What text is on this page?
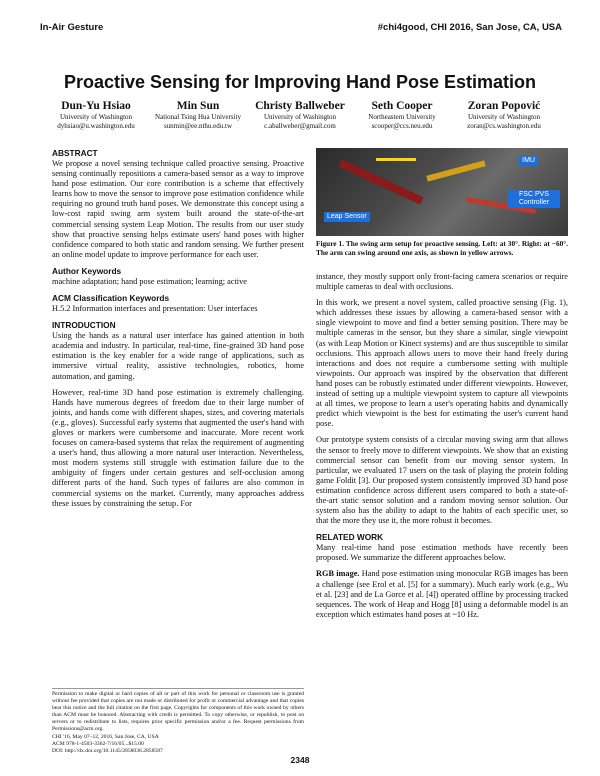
In-Air Gesture	#chi4good, CHI 2016, San Jose, CA, USA
Proactive Sensing for Improving Hand Pose Estimation
Dun-Yu Hsiao
University of Washington
dyhsiao@u.washington.edu
Min Sun
National Tsing Hua University
sunmin@ee.nthu.edu.tw
Christy Ballweber
University of Washington
c.aballweber@gmail.com
Seth Cooper
Northeastern University
scooper@ccs.neu.edu
Zoran Popović
University of Washington
zoran@cs.washington.edu
ABSTRACT

We propose a novel sensing technique called proactive sensing. Proactive sensing continually repositions a camera-based sensor as a way to improve hand pose estimation. Our core contribution is a scheme that effectively learns how to move the sensor to improve pose estimation confidence while requiring no ground truth hand poses. We demonstrate this concept using a low-cost rapid swing arm system built around the state-of-the-art commercial sensing system Leap Motion. The results from our user study show that proactive sensing helps estimate users' hand poses with higher confidence compared to both static and random sensing. We further present an online model update to improve performance for each user.

Author Keywords

machine adaptation; hand pose estimation; learning; active

ACM Classification Keywords

H.5.2 Information interfaces and presentation: User interfaces

INTRODUCTION

Using the hands as a natural user interface has gained attention in both academia and industry. In particular, real-time, fine-grained 3D hand pose estimation is the key enabler for a wide range of applications, such as immersive virtual reality, assistive technologies, robotics, home automation, and gaming.

However, real-time 3D hand pose estimation is extremely challenging. Hands have numerous degrees of freedom due to their large number of joints, and hands come with different shapes, sizes, and covering materials (e.g., gloves). Successful early systems that augmented the user's hand with gloves or markers were cumbersome and inaccurate. More recent work focuses on camera-based systems that relax the requirement of augmenting a user's hand, thus allowing a more natural user interaction. Nevertheless, most modern systems still struggle with estimation failure due to the ambiguity of fingers under certain gestures and self-occlusion among different parts of the hand. Such types of failures are also common in commercial systems on the market. Currently, many approaches address these issues by constraining the setup. For

Leap Sensor
IMU
FSC PVS Controller
Figure 1. The swing arm setup for proactive sensing. Left: at 30°. Right: at −60°. The arm can swing around one axis, as shown in yellow arrows.

instance, they mostly support only front-facing camera scenarios or require multiple cameras to deal with occlusions.

In this work, we present a novel system, called proactive sensing (Fig. 1), which addresses these issues by allowing a camera-based sensor with a single viewpoint to move and find a better sensing position. There may be multiple cameras in the sensor, but they share a similar, single viewpoint (as with Leap Motion or Kinect systems) and are thus susceptible to similar occlusions. This approach allows users to move their hand freely during interactions and does not require a cumbersome setting with multiple viewpoints. Our approach was inspired by the observation that different hand poses can be robustly estimated under different viewpoints. However, instead of setting up a multiple viewpoint system to capture all viewpoints at all times, we propose to learn a user's operating habits and dynamically predict which viewpoint is the best for estimating the user's current hand pose.

Our prototype system consists of a circular moving swing arm that allows the sensor to freely move to different viewpoints. We show that an existing commercial sensor can benefit from our moving sensor system. In particular, we evaluated 17 users on the task of playing the protein folding game Foldit [3]. Our proposed system consistently improved 3D hand pose estimation confidence across different users compared to both a state-of-the-art static sensor solution and a random moving sensor solution. Our system also has the ability to adapt to the habits of each specific user, so that the more they use it, the more robust it becomes.

RELATED WORK

Many real-time hand pose estimation methods have recently been proposed. We summarize the different approaches below.

RGB image. Hand pose estimation using monocular RGB images has been a challenge (see Erol et al. [5] for a summary). Much early work (e.g., Wu et al. [23] and de La Gorce et al. [4]) operated offline by processing tracked sequences. The work of Heap and Hogg [8] using a deformable model is an exception which estimates hand poses at ~10 Hz.

Permission to make digital or hard copies of all or part of this work for personal or classroom use is granted without fee provided that copies are not made or distributed for profit or commercial advantage and that copies bear this notice and the full citation on the first page. Copyrights for components of this work owned by others than ACM must be honored. Abstracting with credit is permitted. To copy otherwise, or republish, to post on servers or to redistribute to lists, requires prior specific permission and/or a fee. Request permissions from Permissions@acm.org.
CHI '16, May 07–12, 2016, San Jose, CA, USA
ACM 978-1-4503-3362-7/16/05...$15.00
DOI: http://dx.doi.org/10.1145/2858036.2858587
2348
